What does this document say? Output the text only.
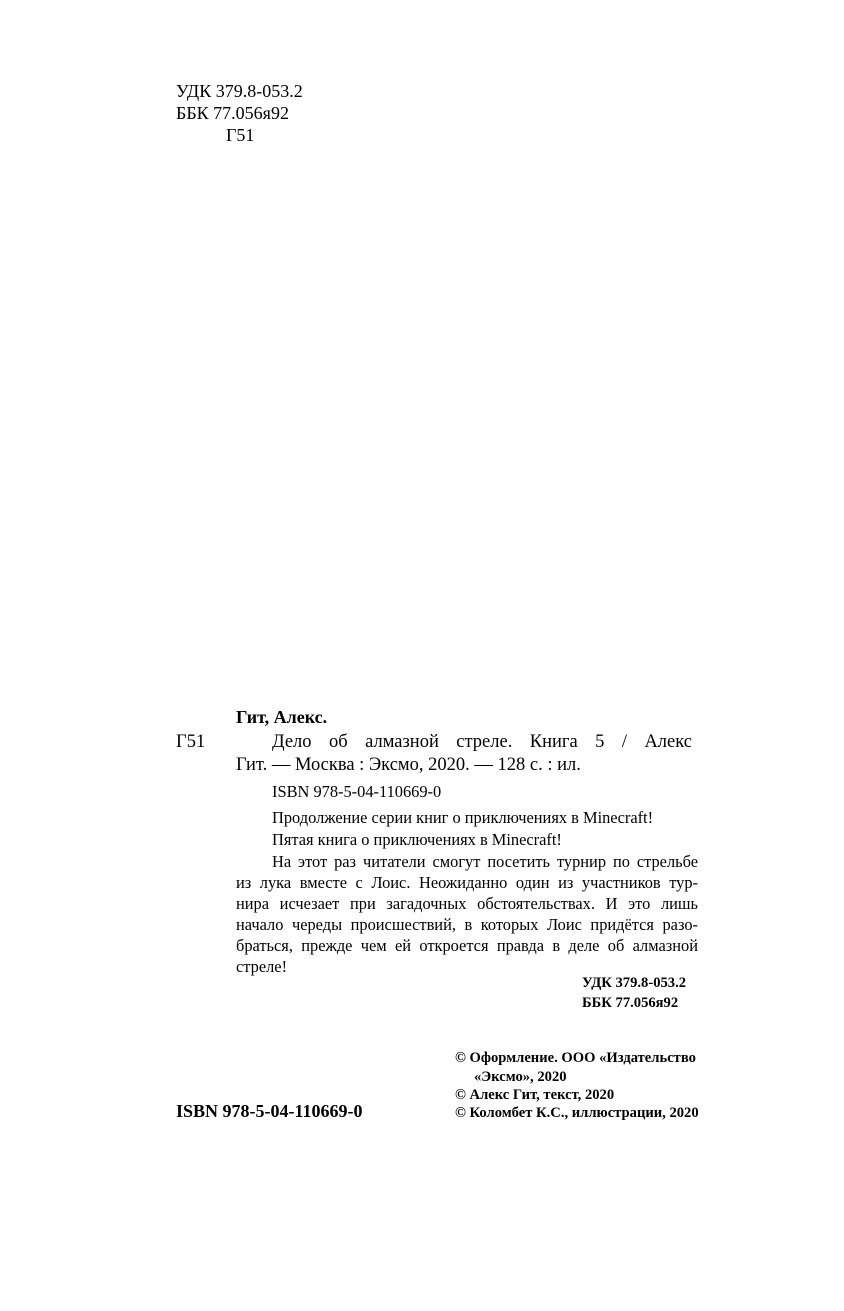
УДК 379.8-053.2
ББК 77.056я92
Г51
Гит, Алекс.
Г51	Дело об алмазной стреле. Книга 5 / Алекс
Гит. — Москва : Эксмо, 2020. — 128 с. : ил.
ISBN 978-5-04-110669-0
Продолжение серии книг о приключениях в Minecraft!
Пятая книга о приключениях в Minecraft!
На этот раз читатели смогут посетить турнир по стрельбе
из лука вместе с Лоис. Неожиданно один из участников тур-
нира исчезает при загадочных обстоятельствах. И это лишь
начало череды происшествий, в которых Лоис придётся разо-
браться, прежде чем ей откроется правда в деле об алмазной
стреле!
УДК 379.8-053.2
ББК 77.056я92
© Оформление. ООО «Издательство
«Эксмо», 2020
© Алекс Гит, текст, 2020
© Коломбет К.С., иллюстрации, 2020
ISBN 978-5-04-110669-0
